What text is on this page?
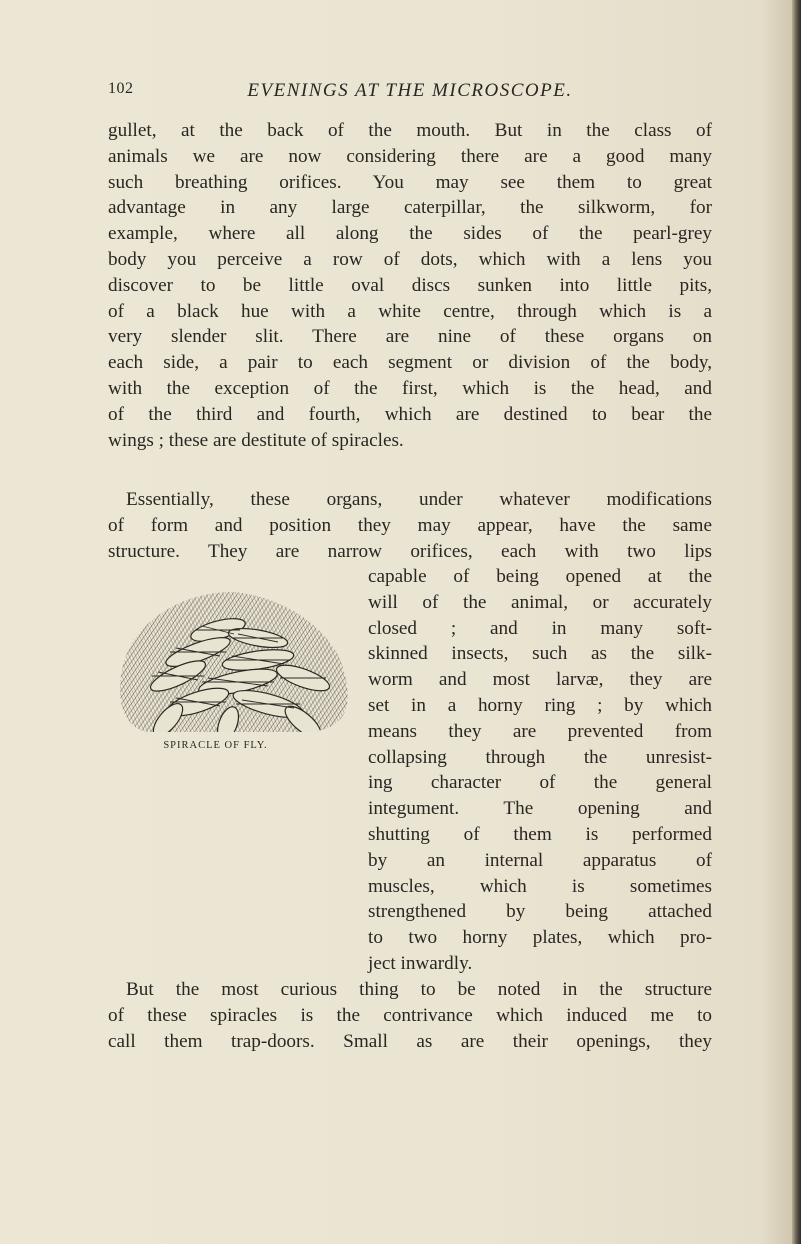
102	EVENINGS AT THE MICROSCOPE.
gullet, at the back of the mouth. But in the class of
animals we are now considering there are a good many
such breathing orifices. You may see them to great
advantage in any large caterpillar, the silkworm, for
example, where all along the sides of the pearl-grey
body you perceive a row of dots, which with a lens you
discover to be little oval discs sunken into little pits,
of a black hue with a white centre, through which is a
very slender slit. There are nine of these organs on
each side, a pair to each segment or division of the body,
with the exception of the first, which is the head, and
of the third and fourth, which are destined to bear the
wings ; these are destitute of spiracles.
Essentially, these organs, under whatever modifications
of form and position they may appear, have the same
structure. They are narrow orifices, each with two lips
SPIRACLE OF FLY.
capable of being opened at the
will of the animal, or accurately
closed ; and in many soft-
skinned insects, such as the silk-
worm and most larvæ, they are
set in a horny ring ; by which
means they are prevented from
collapsing through the unresist-
ing character of the general
integument. The opening and
shutting of them is performed
by an internal apparatus of
muscles, which is sometimes
strengthened by being attached
to two horny plates, which pro-
ject inwardly.
But the most curious thing to be noted in the structure
of these spiracles is the contrivance which induced me to
call them trap-doors. Small as are their openings, they
